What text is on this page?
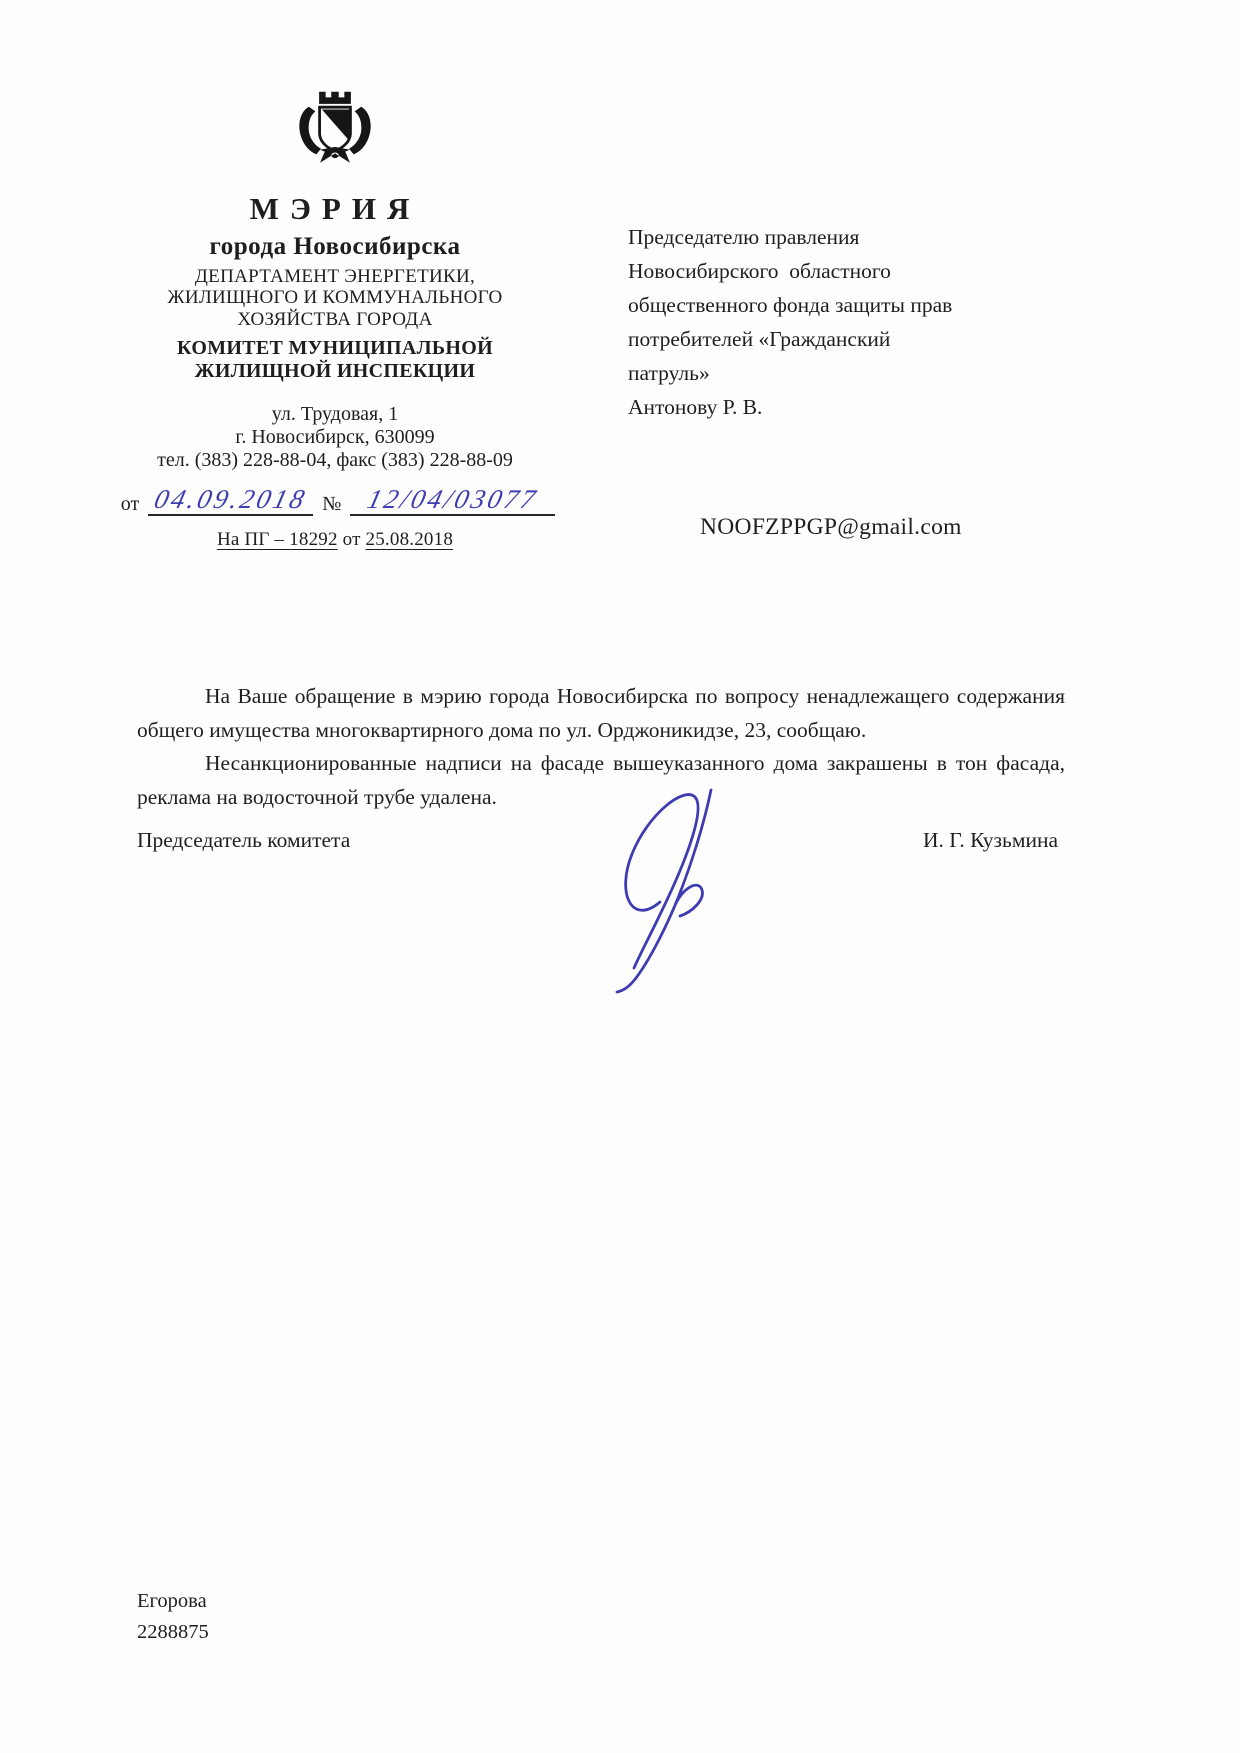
МЭРИЯ
города Новосибирска
ДЕПАРТАМЕНТ ЭНЕРГЕТИКИ,
ЖИЛИЩНОГО И КОММУНАЛЬНОГО
ХОЗЯЙСТВА ГОРОДА
КОМИТЕТ МУНИЦИПАЛЬНОЙ
ЖИЛИЩНОЙ ИНСПЕКЦИИ
ул. Трудовая, 1
г. Новосибирск, 630099
тел. (383) 228-88-04, факс (383) 228-88-09
от 04.09.2018 № 12/04/03077
На ПГ – 18292 от 25.08.2018
Председателю правления
Новосибирского  областного
общественного фонда защиты прав
потребителей «Гражданский
патруль»
Антонову Р. В.
NOOFZPPGP@gmail.com

На Ваше обращение в мэрию города Новосибирска по вопросу ненадлежащего содержания общего имущества многоквартирного дома по ул. Орджоникидзе, 23, сообщаю.

Несанкционированные надписи на фасаде вышеуказанного дома закрашены в тон фасада, реклама на водосточной трубе удалена.

Председатель комитета	И. Г. Кузьмина
Егорова
2288875
